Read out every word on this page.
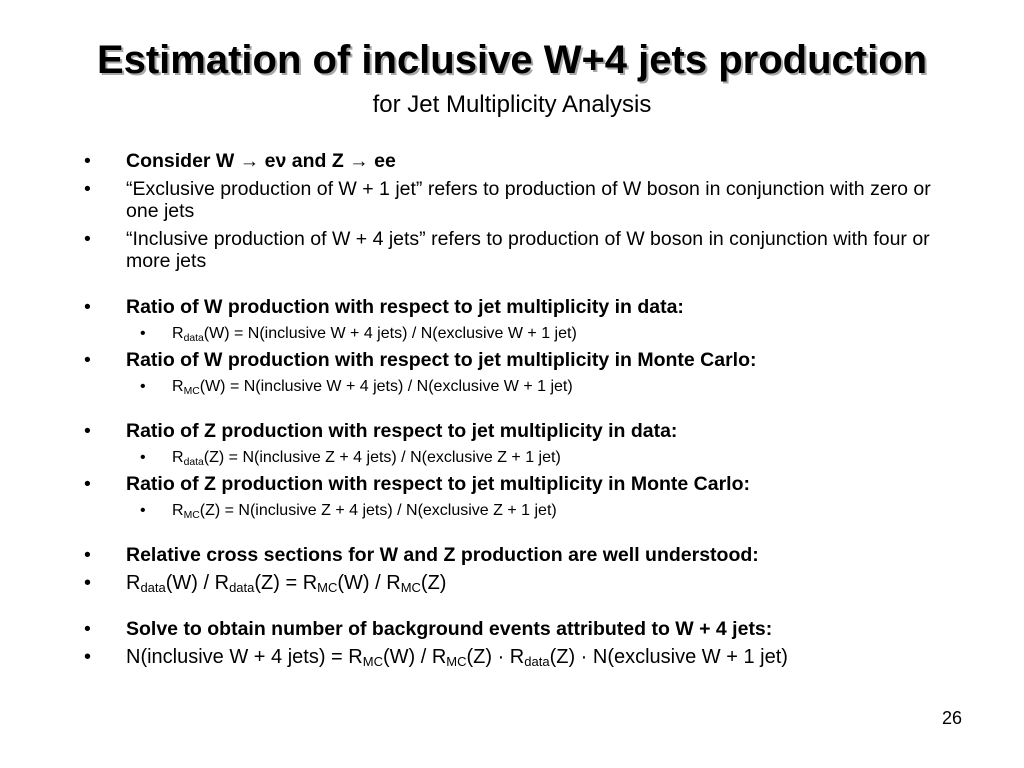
Estimation of inclusive W+4 jets production
for Jet Multiplicity Analysis
• Consider W → eν and Z → ee
• “Exclusive production of W + 1 jet” refers to production of W boson in conjunction with zero or one jets
• “Inclusive production of W + 4 jets” refers to production of W boson in conjunction with four or more jets
• Ratio of W production with respect to jet multiplicity in data:
• $R_{data}(W)$ = N(inclusive W + 4 jets) / N(exclusive W + 1 jet)
• Ratio of W production with respect to jet multiplicity in Monte Carlo:
• $R_{MC}(W)$ = N(inclusive W + 4 jets) / N(exclusive W + 1 jet)
• Ratio of Z production with respect to jet multiplicity in data:
• $R_{data}(Z)$ = N(inclusive Z + 4 jets) / N(exclusive Z + 1 jet)
• Ratio of Z production with respect to jet multiplicity in Monte Carlo:
• $R_{MC}(Z)$ = N(inclusive Z + 4 jets) / N(exclusive Z + 1 jet)
• Relative cross sections for W and Z production are well understood:
• $R_{data}(W) / R_{data}(Z) = R_{MC}(W) / R_{MC}(Z)$
• Solve to obtain number of background events attributed to W + 4 jets:
• N(inclusive W + 4 jets) = $R_{MC}(W) / R_{MC}(Z) \cdot R_{data}(Z)$ · N(exclusive W + 1 jet)
26
